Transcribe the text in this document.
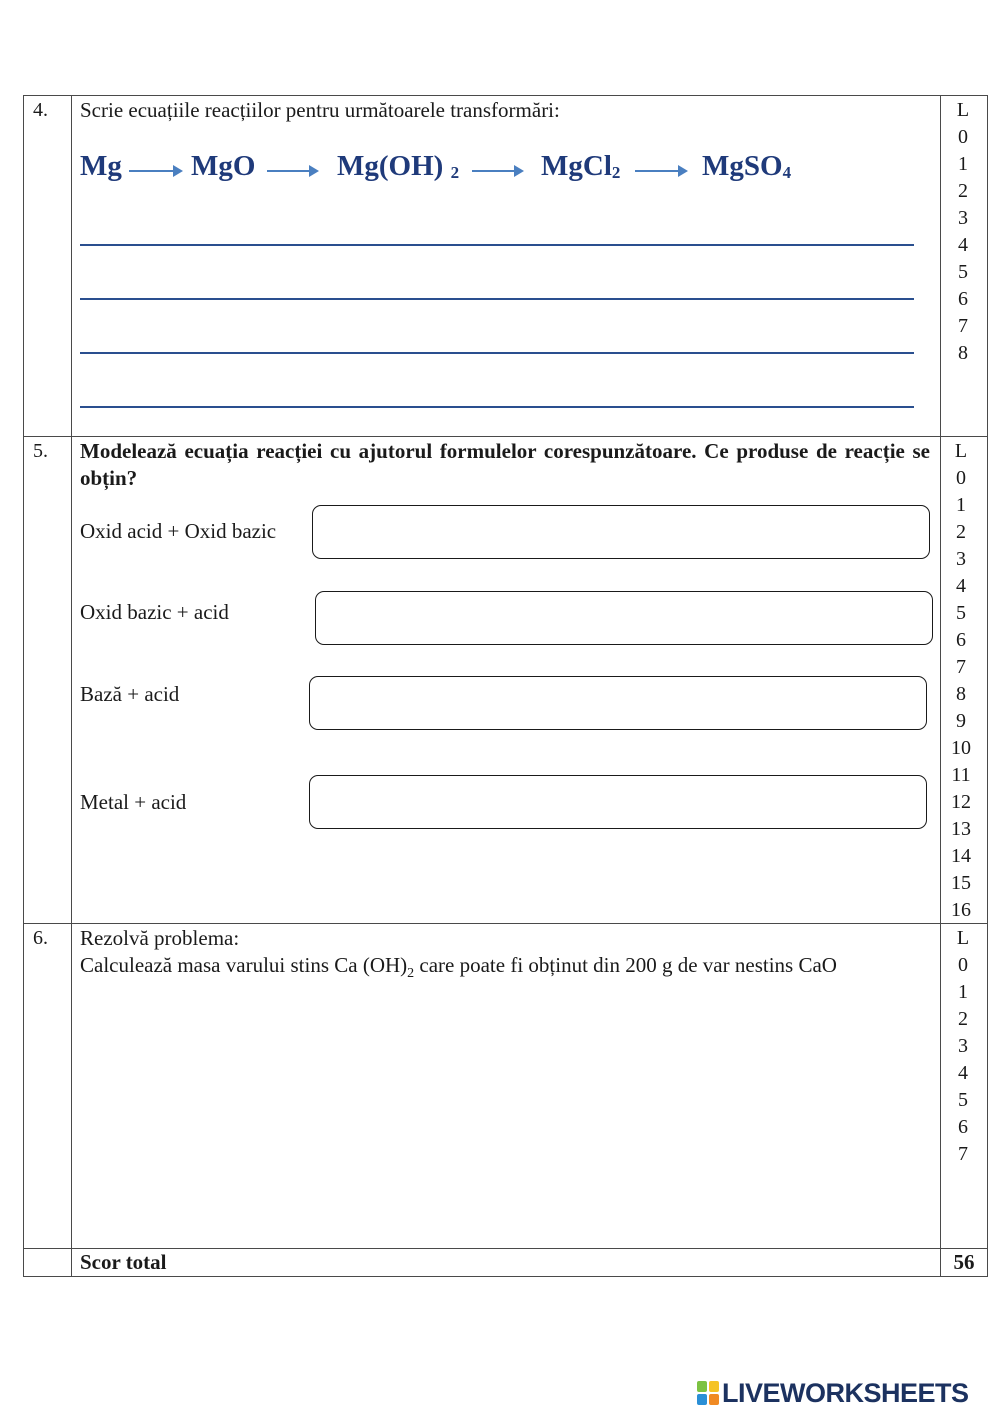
4. Scrie ecuațiile reacțiilor pentru următoarele transformări:
Mg MgO	Mg(OH) $_2$	MgCl$_2$	MgSO$_4$
L
0
1
2
3
4
5
6
7
8
5. Modelează ecuația reacției cu ajutorul formulelor corespunzătoare. Ce produse de reacție se obțin?
Oxid acid + Oxid bazic
Oxid bazic + acid
Bază + acid
Metal + acid
L
0
1
2
3
4
5
6
7
8
9
10
11
12
13
14
15
16
6. Rezolvă problema:
Calculează masa varului stins Ca $(OH)_2$ care poate fi obținut din 200 g de var nestins CaO
L
0
1
2
3
4
5
6
7
Scor total	56
LIVEWORKSHEETS
